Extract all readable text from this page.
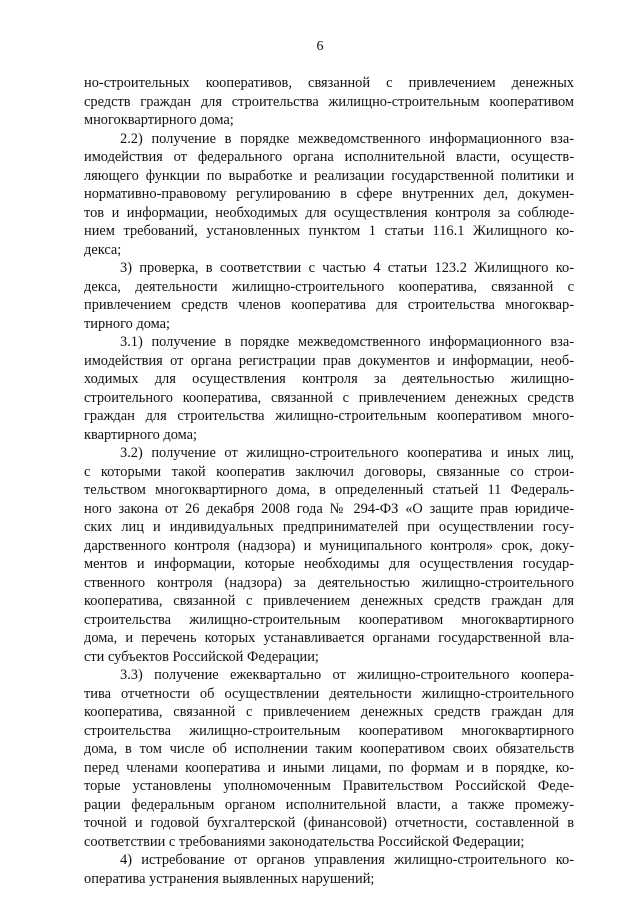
6
но-строительных кооперативов, связанной с привлечением денежных
средств граждан для строительства жилищно-строительным кооперативом
многоквартирного дома;
2.2) получение в порядке межведомственного информационного вза-
имодействия от федерального органа исполнительной власти, осуществ-
ляющего функции по выработке и реализации государственной политики и
нормативно-правовому регулированию в сфере внутренних дел, докумен-
тов и информации, необходимых для осуществления контроля за соблюде-
нием требований, установленных пунктом 1 статьи 116.1 Жилищного ко-
декса;
3) проверка, в соответствии с частью 4 статьи 123.2 Жилищного ко-
декса, деятельности жилищно-строительного кооператива, связанной с
привлечением средств членов кооператива для строительства многоквар-
тирного дома;
3.1) получение в порядке межведомственного информационного вза-
имодействия от органа регистрации прав документов и информации, необ-
ходимых для осуществления контроля за деятельностью жилищно-
строительного кооператива, связанной с привлечением денежных средств
граждан для строительства жилищно-строительным кооперативом много-
квартирного дома;
3.2) получение от жилищно-строительного кооператива и иных лиц,
с которыми такой кооператив заключил договоры, связанные со строи-
тельством многоквартирного дома, в определенный статьей 11 Федераль-
ного закона от 26 декабря 2008 года № 294-ФЗ «О защите прав юридиче-
ских лиц и индивидуальных предпринимателей при осуществлении госу-
дарственного контроля (надзора) и муниципального контроля» срок, доку-
ментов и информации, которые необходимы для осуществления государ-
ственного контроля (надзора) за деятельностью жилищно-строительного
кооператива, связанной с привлечением денежных средств граждан для
строительства жилищно-строительным кооперативом многоквартирного
дома, и перечень которых устанавливается органами государственной вла-
сти субъектов Российской Федерации;
3.3) получение ежеквартально от жилищно-строительного коопера-
тива отчетности об осуществлении деятельности жилищно-строительного
кооператива, связанной с привлечением денежных средств граждан для
строительства жилищно-строительным кооперативом многоквартирного
дома, в том числе об исполнении таким кооперативом своих обязательств
перед членами кооператива и иными лицами, по формам и в порядке, ко-
торые установлены уполномоченным Правительством Российской Феде-
рации федеральным органом исполнительной власти, а также промежу-
точной и годовой бухгалтерской (финансовой) отчетности, составленной в
соответствии с требованиями законодательства Российской Федерации;
4) истребование от органов управления жилищно-строительного ко-
оператива устранения выявленных нарушений;
